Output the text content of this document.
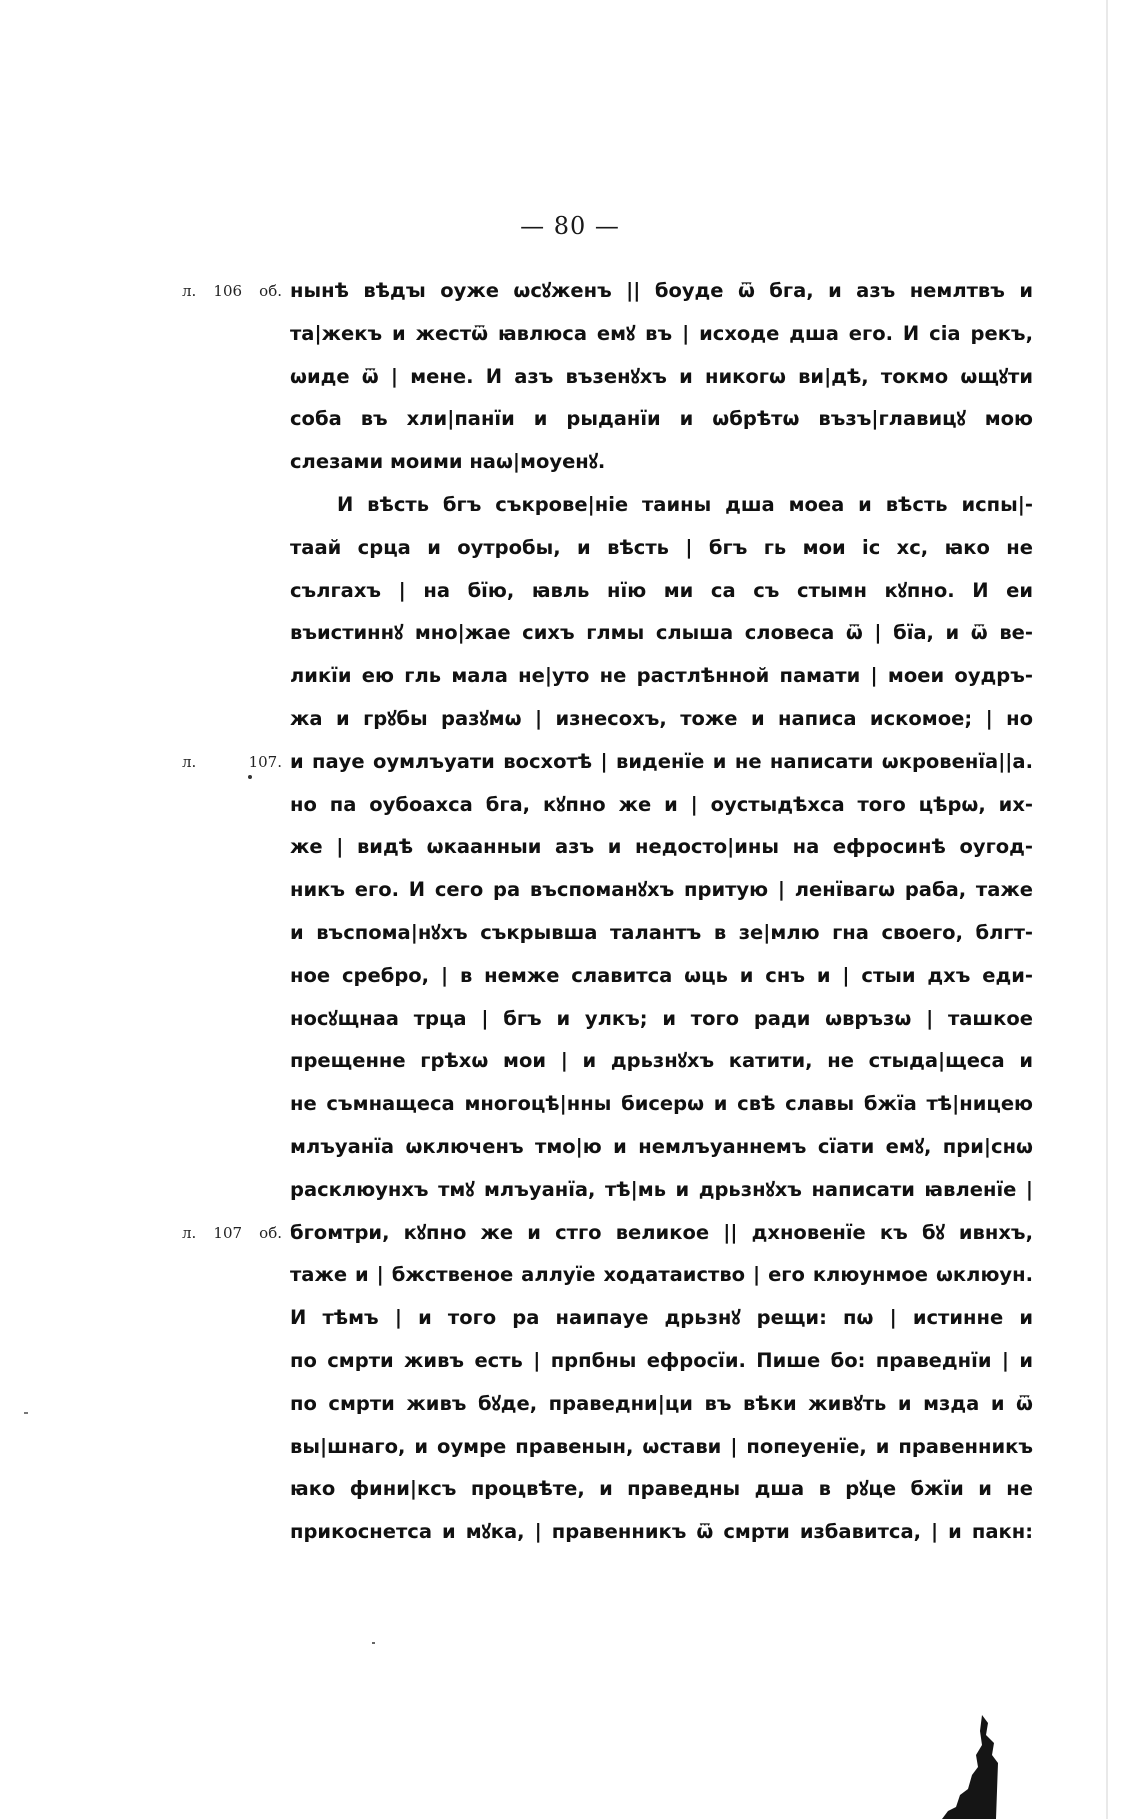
— 80 —
л. 106 об. нынѣ вѣдꙑ оуже ѡсꙋженъ || боуде ѿ бга, и азъ немлтвъ и
та|жекъ и жестѿ ꙗвлюса емꙋ въ | исходе дша его. И сіа рекъ,
ѡиде ѿ | мене. И азъ възенꙋхъ и никогѡ ви|дѣ, токмо ѡщꙋти
соба въ хли|панїи и рыданїи и ѡбрѣтѡ възъ|главицꙋ мою
слезами моими наѡ|моуенꙋ.
И вѣсть бгъ съкрове|ніе таины дша моеа и вѣсть испы|-
таай срца и оутробы, и вѣсть | бгъ гь мои іс хс, ꙗко не
сългахъ | на бїю, ꙗвль нїю ми са съ стымн кꙋпно. И еи
въистиннꙋ мно|жае сихъ глмы слыша словеса ѿ | бїа, и ѿ ве-
ликїи ею гль мала не|уто не растлѣнной памати | моеи оудръ-
жа и грꙋбы разꙋмѡ | изнесохъ, тоже и написа искомое; | но
л. 107. и пауе оумлъуати восхотѣ | виденїе и не написати ѡкровенїа||а.
но па оубоахса бга, кꙋпно же и | оустыдѣхса того цѣрѡ, их-
же | видѣ ѡкаанныи азъ и недосто|ины на ефросинѣ оугод-
никъ его. И сего ра въспоманꙋхъ притую | ленївагѡ раба, таже
и въспома|нꙋхъ съкрывша талантъ в зе|млю гна своего, блгт-
ное сребро, | в немже славитса ѡць и снъ и | стыи дхъ еди-
носꙋщнаа трца | бгъ и улкъ; и того ради ѡвръзѡ | ташкое
прещенне грѣхѡ мои | и дрьзнꙋхъ катити, не стыда|щеса и
не съмнащеса многоцѣ|нны бисерѡ и свѣ славы бжїа тѣ|ницею
млъуанїа ѡключенъ тмо|ю и немлъуаннемъ сїати емꙋ, при|снѡ
расклюунхъ тмꙋ млъуанїа, тѣ|мь и дрьзнꙋхъ написати ꙗвленїе |
л. 107 об. бгомтри, кꙋпно же и стго великое || дхновенїе къ бꙋ ивнхъ,
таже и | бжственое аллуїе ходатаиство | его клюунмое ѡклюун.
И тѣмъ | и того ра наипауе дрьзнꙋ рещи: пѡ | истинне и
по смрти живъ есть | прпбны ефросїи. Пише бо: праведнїи | и
по смрти живъ бꙋде, праведни|ци въ вѣки живꙋть и мзда и ѿ
вы|шнаго, и оумре правенын, ѡстави | попеуенїе, и правенникъ
ꙗко фини|ксъ процвѣте, и праведны дша в рꙋце бжїи и не
прикоснетса и мꙋка, | правенникъ ѿ смрти избавитса, | и пакн:
